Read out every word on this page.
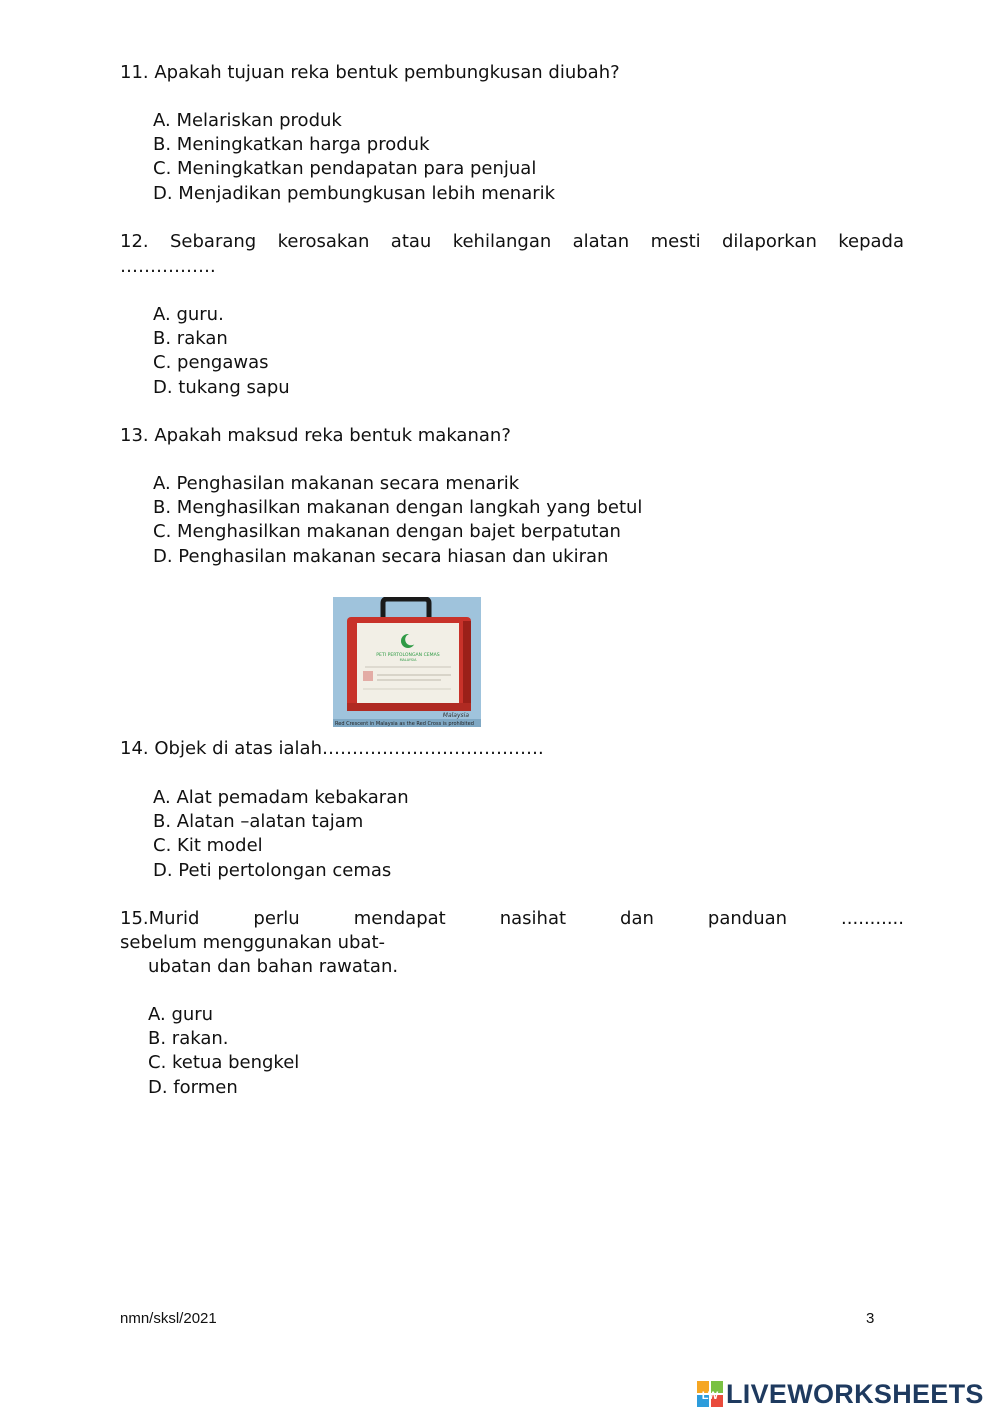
11. Apakah tujuan reka bentuk pembungkusan diubah?

A. Melariskan produk
B. Meningkatkan harga produk
C. Meningkatkan pendapatan para penjual
D. Menjadikan pembungkusan lebih menarik

12. Sebarang kerosakan atau kehilangan alatan mesti dilaporkan kepada

…………….

A. guru.
B. rakan
C. pengawas
D. tukang sapu

13. Apakah maksud reka bentuk makanan?

A. Penghasilan makanan secara menarik
B. Menghasilkan makanan dengan langkah yang betul
C. Menghasilkan makanan dengan bajet berpatutan
D. Penghasilan makanan secara hiasan dan ukiran
PETI PERTOLONGAN CEMAS
MALAYSIA
Malaysia
Red Crescent in Malaysia as the Red Cross is prohibited

14. Objek di atas ialah……………………………….

A. Alat pemadam kebakaran
B. Alatan –alatan tajam
C. Kit model
D. Peti pertolongan cemas

15.Murid perlu mendapat nasihat dan panduan ...........

sebelum menggunakan ubat-

ubatan dan bahan rawatan.

A. guru
B. rakan.
C. ketua bengkel
D. formen
nmn/sksl/2021	3
LW LIVEWORKSHEETS
